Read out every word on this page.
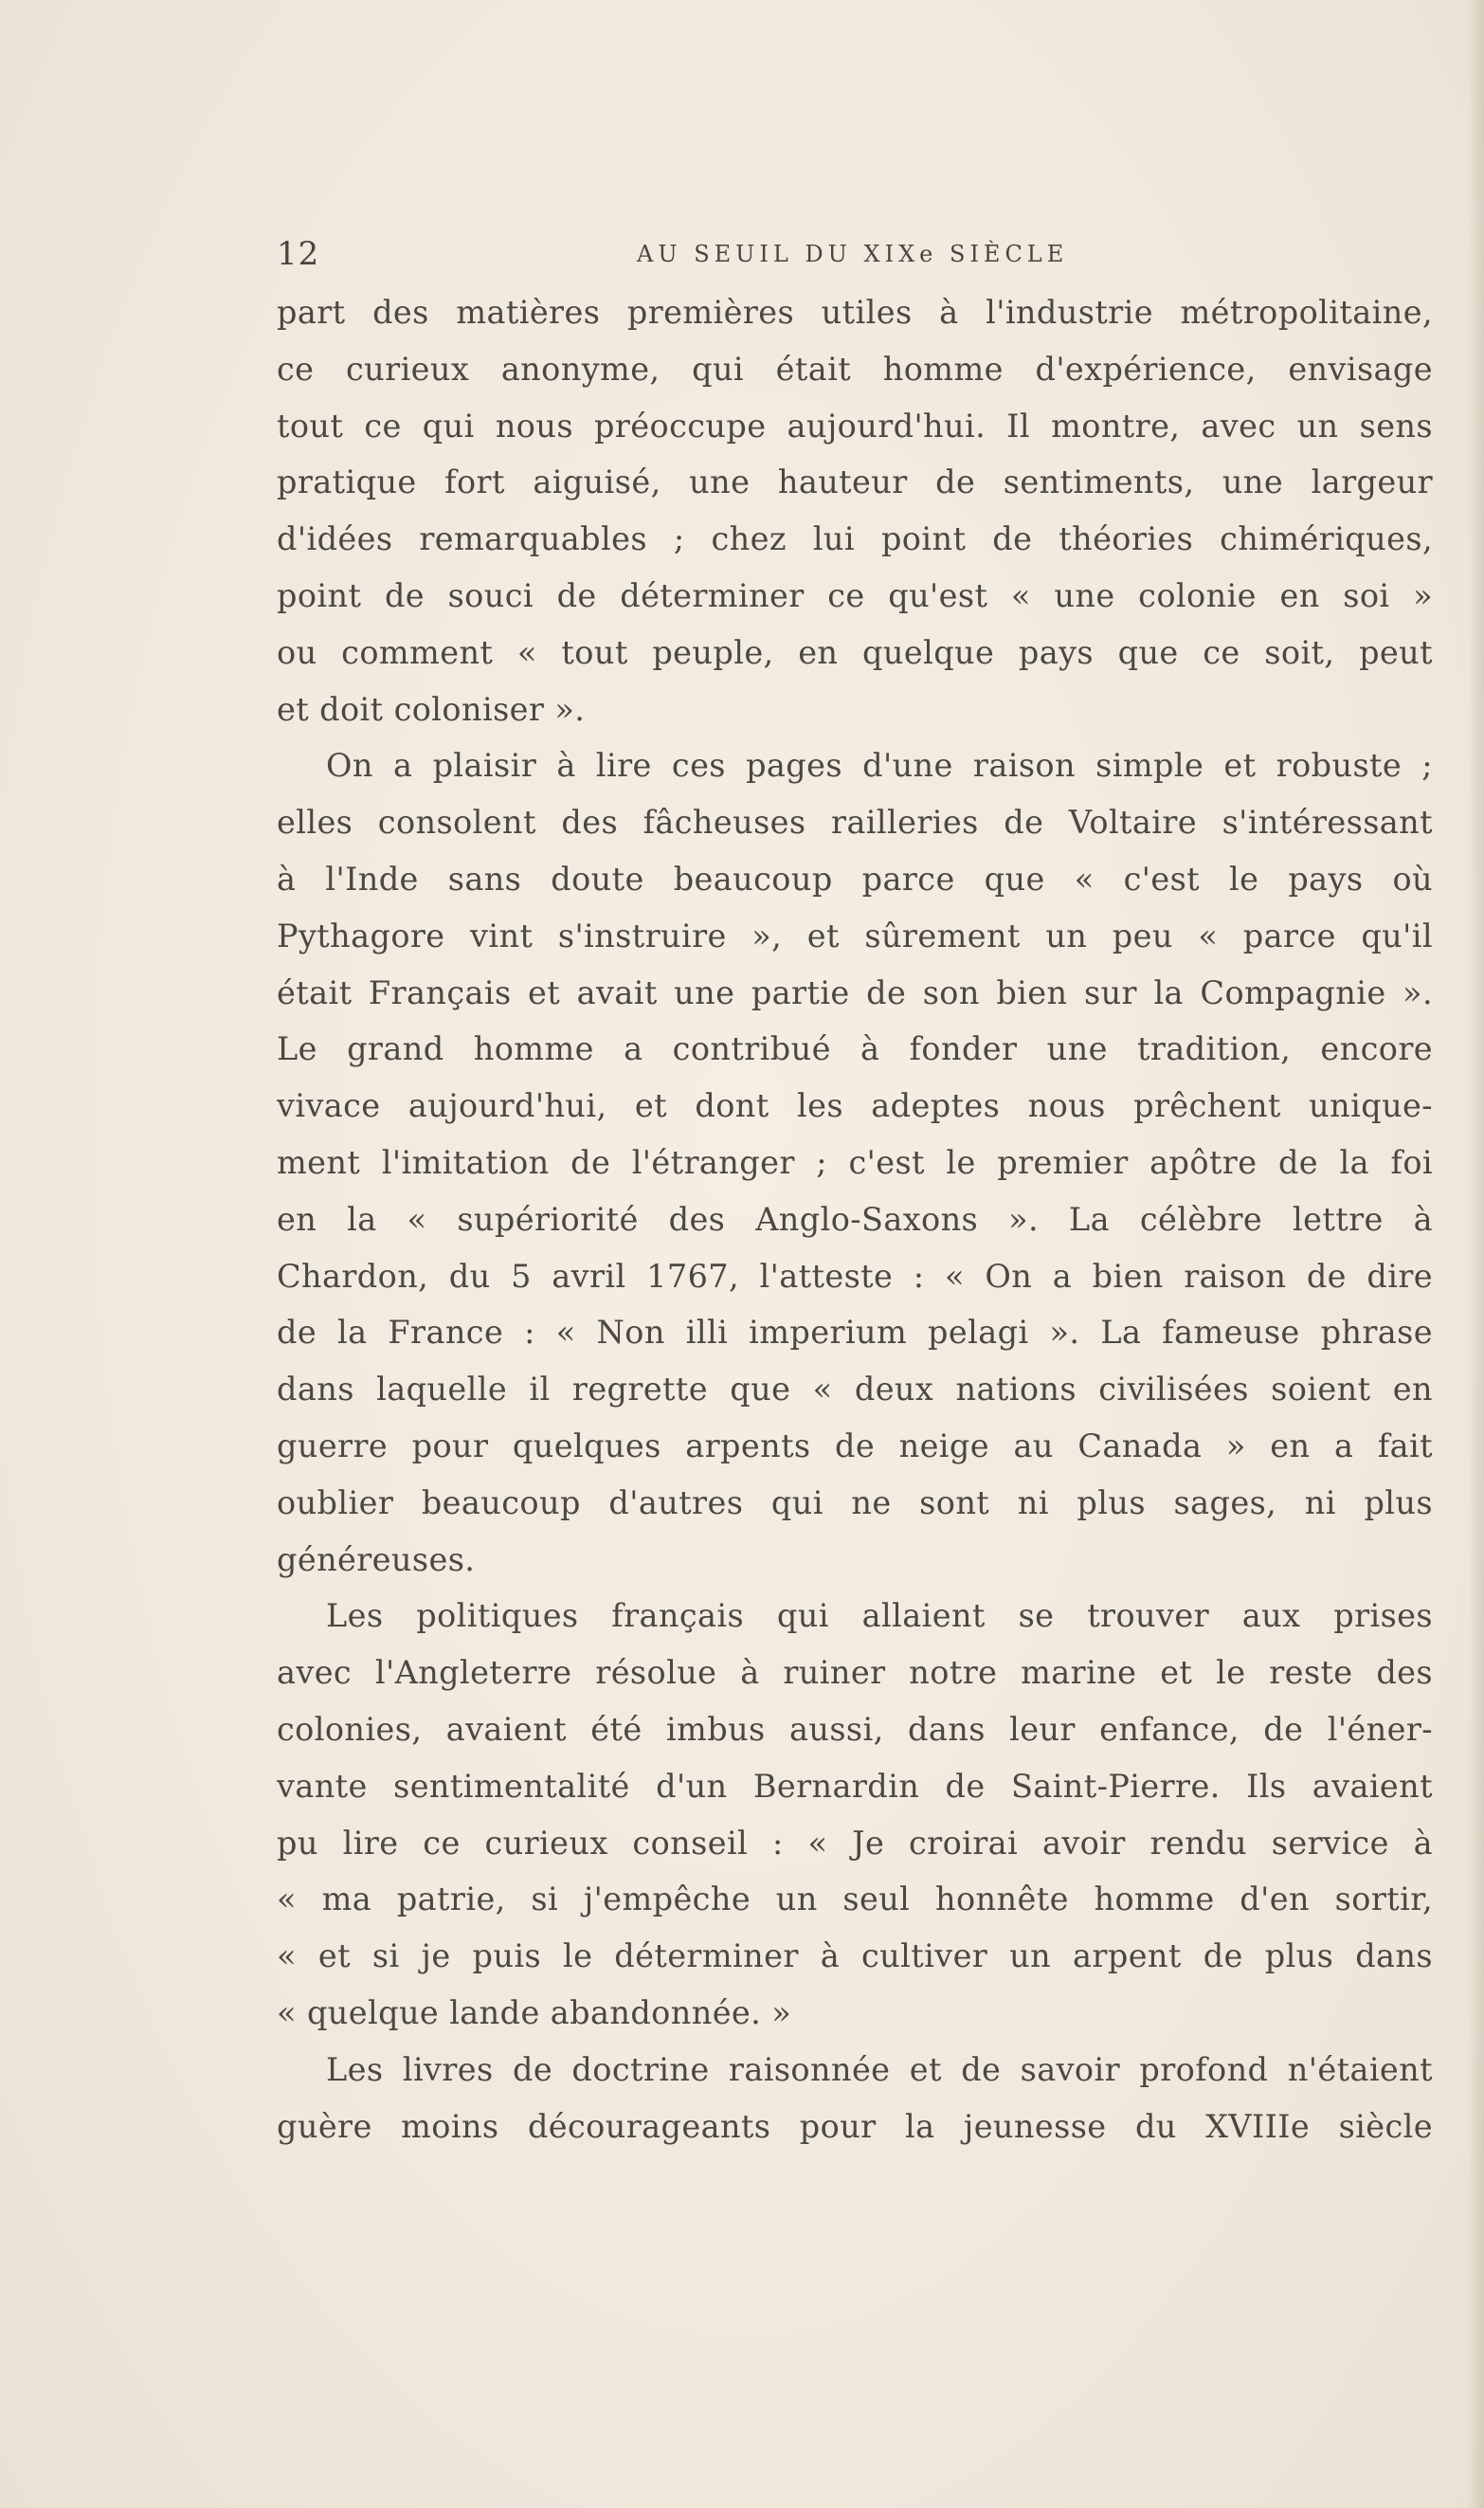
12	AU SEUIL DU XIXe SIÈCLE
part des matières premières utiles à l'industrie métropolitaine,
ce curieux anonyme, qui était homme d'expérience, envisage
tout ce qui nous préoccupe aujourd'hui. Il montre, avec un sens
pratique fort aiguisé, une hauteur de sentiments, une largeur
d'idées remarquables ; chez lui point de théories chimériques,
point de souci de déterminer ce qu'est « une colonie en soi »
ou comment « tout peuple, en quelque pays que ce soit, peut
et doit coloniser ».
On a plaisir à lire ces pages d'une raison simple et robuste ;
elles consolent des fâcheuses railleries de Voltaire s'intéressant
à l'Inde sans doute beaucoup parce que « c'est le pays où
Pythagore vint s'instruire », et sûrement un peu « parce qu'il
était Français et avait une partie de son bien sur la Compagnie ».
Le grand homme a contribué à fonder une tradition, encore
vivace aujourd'hui, et dont les adeptes nous prêchent unique-
ment l'imitation de l'étranger ; c'est le premier apôtre de la foi
en la « supériorité des Anglo-Saxons ». La célèbre lettre à
Chardon, du 5 avril 1767, l'atteste : « On a bien raison de dire
de la France : « Non illi imperium pelagi ». La fameuse phrase
dans laquelle il regrette que « deux nations civilisées soient en
guerre pour quelques arpents de neige au Canada » en a fait
oublier beaucoup d'autres qui ne sont ni plus sages, ni plus
généreuses.
Les politiques français qui allaient se trouver aux prises
avec l'Angleterre résolue à ruiner notre marine et le reste des
colonies, avaient été imbus aussi, dans leur enfance, de l'éner-
vante sentimentalité d'un Bernardin de Saint-Pierre. Ils avaient
pu lire ce curieux conseil : « Je croirai avoir rendu service à
« ma patrie, si j'empêche un seul honnête homme d'en sortir,
« et si je puis le déterminer à cultiver un arpent de plus dans
« quelque lande abandonnée. »
Les livres de doctrine raisonnée et de savoir profond n'étaient
guère moins décourageants pour la jeunesse du XVIIIe siècle
